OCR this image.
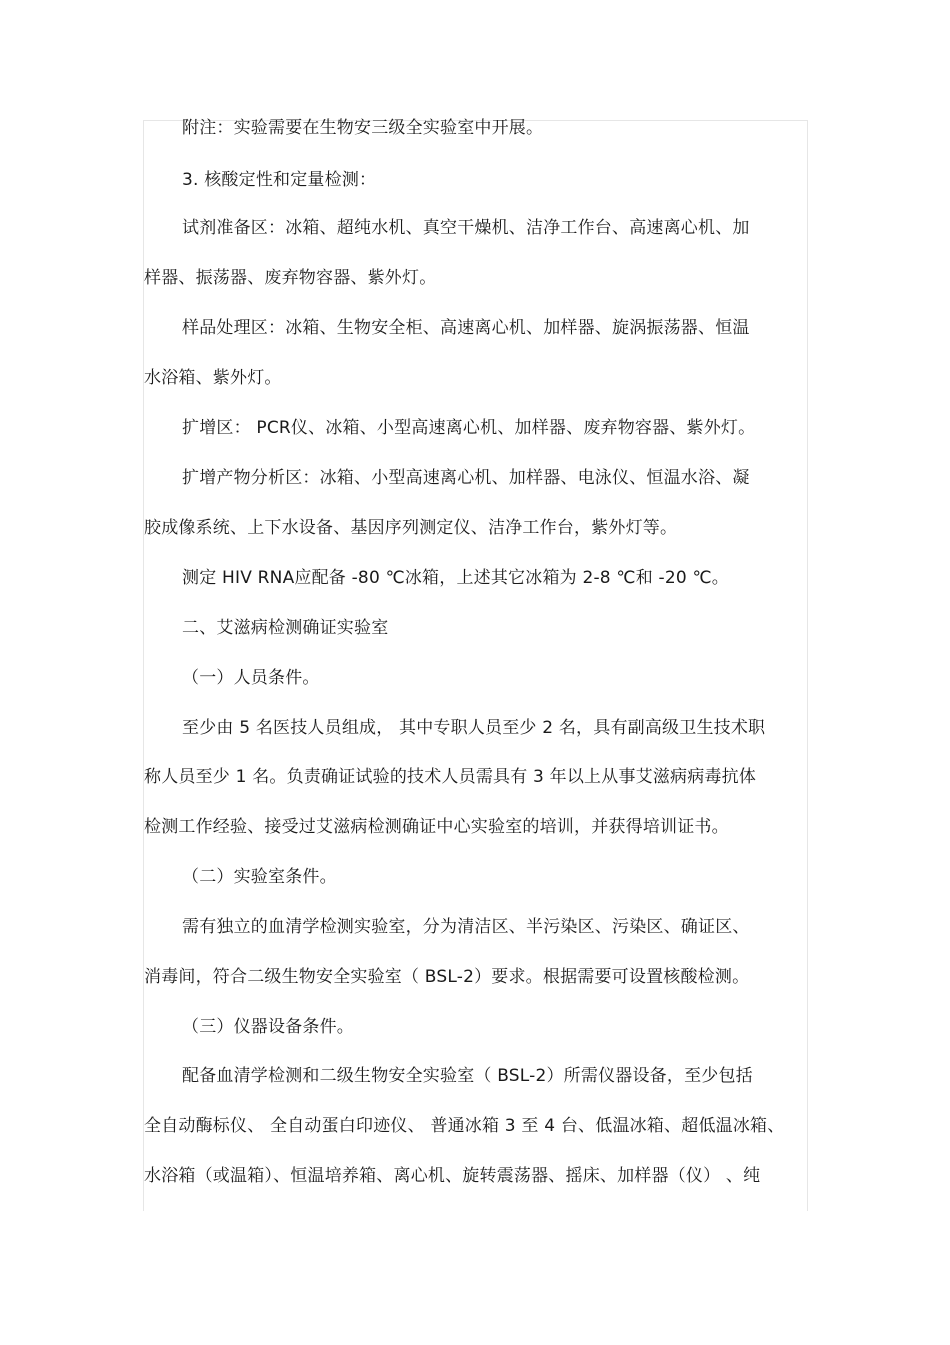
附注：实验需要在生物安三级全实验室中开展。
3. 核酸定性和定量检测：
试剂准备区：冰箱、超纯水机、真空干燥机、洁净工作台、高速离心机、加
样器、振荡器、废弃物容器、紫外灯。
样品处理区：冰箱、生物安全柜、高速离心机、加样器、旋涡振荡器、恒温
水浴箱、紫外灯。
扩增区： PCR仪、冰箱、小型高速离心机、加样器、废弃物容器、紫外灯。
扩增产物分析区：冰箱、小型高速离心机、加样器、电泳仪、恒温水浴、凝
胶成像系统、上下水设备、基因序列测定仪、洁净工作台，紫外灯等。
测定 HIV RNA应配备 -80 ℃冰箱，上述其它冰箱为 2-8 ℃和 -20 ℃。
二、艾滋病检测确证实验室
（一）人员条件。
至少由 5 名医技人员组成， 其中专职人员至少 2 名，具有副高级卫生技术职
称人员至少 1 名。负责确证试验的技术人员需具有 3 年以上从事艾滋病病毒抗体
检测工作经验、接受过艾滋病检测确证中心实验室的培训，并获得培训证书。
（二）实验室条件。
需有独立的血清学检测实验室，分为清洁区、半污染区、污染区、确证区、
消毒间，符合二级生物安全实验室（ BSL-2）要求。根据需要可设置核酸检测。
（三）仪器设备条件。
配备血清学检测和二级生物安全实验室（ BSL-2）所需仪器设备，至少包括
全自动酶标仪、 全自动蛋白印迹仪、 普通冰箱 3 至 4 台、低温冰箱、超低温冰箱、
水浴箱（或温箱）、恒温培养箱、离心机、旋转震荡器、摇床、加样器（仪） 、纯
